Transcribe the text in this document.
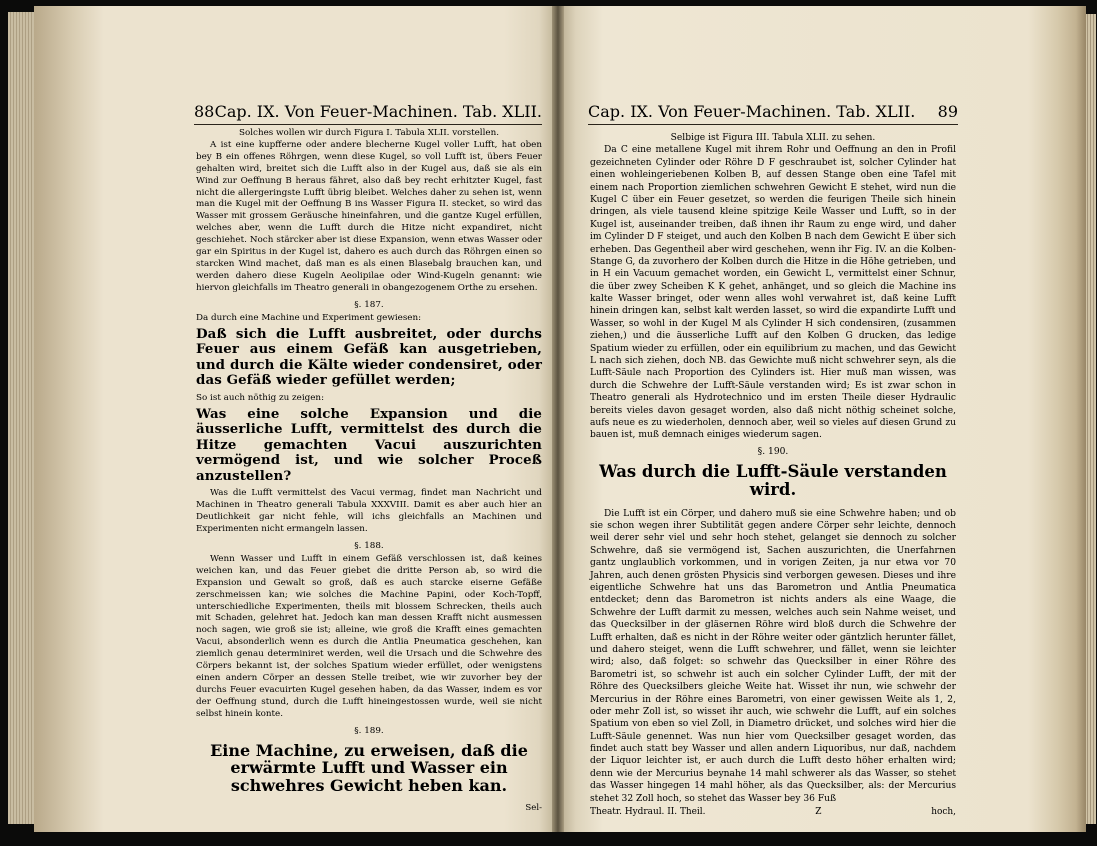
88 Cap. IX. Von Feuer-Machinen. Tab. XLII.

Solches wollen wir durch Figura I. Tabula XLII. vorstellen.

A ist eine kupfferne oder andere blecherne Kugel voller Lufft, hat oben bey B ein offenes Röhrgen, wenn diese Kugel, so voll Lufft ist, übers Feuer gehalten wird, breitet sich die Lufft also in der Kugel aus, daß sie als ein Wind zur Oeffnung B heraus fähret, also daß bey recht erhitzter Kugel, fast nicht die allergeringste Lufft übrig bleibet. Welches daher zu sehen ist, wenn man die Kugel mit der Oeffnung B ins Wasser Figura II. stecket, so wird das Wasser mit grossem Geräusche hineinfahren, und die gantze Kugel erfüllen, welches aber, wenn die Lufft durch die Hitze nicht expandiret, nicht geschiehet. Noch stärcker aber ist diese Expansion, wenn etwas Wasser oder gar ein Spiritus in der Kugel ist, dahero es auch durch das Röhrgen einen so starcken Wind machet, daß man es als einen Blasebalg brauchen kan, und werden dahero diese Kugeln Aeolipilae oder Wind-Kugeln genannt: wie hiervon gleichfalls im Theatro generali in obangezogenem Orthe zu ersehen.

§. 187.

Da durch eine Machine und Experiment gewiesen:

Daß sich die Lufft ausbreitet, oder durchs Feuer aus einem Gefäß kan ausgetrieben, und durch die Kälte wieder condensiret, oder das Gefäß wieder gefüllet werden;

So ist auch nöthig zu zeigen:

Was eine solche Expansion und die äusserliche Lufft, vermittelst des durch die Hitze gemachten Vacui auszurichten vermögend ist, und wie solcher Proceß anzustellen?

Was die Lufft vermittelst des Vacui vermag, findet man Nachricht und Machinen in Theatro generali Tabula XXXVIII. Damit es aber auch hier an Deutlichkeit gar nicht fehle, will ichs gleichfalls an Machinen und Experimenten nicht ermangeln lassen.

§. 188.

Wenn Wasser und Lufft in einem Gefäß verschlossen ist, daß keines weichen kan, und das Feuer giebet die dritte Person ab, so wird die Expansion und Gewalt so groß, daß es auch starcke eiserne Gefäße zerschmeissen kan; wie solches die Machine Papini, oder Koch-Topff, unterschiedliche Experimenten, theils mit blossem Schrecken, theils auch mit Schaden, gelehret hat. Jedoch kan man dessen Krafft nicht ausmessen noch sagen, wie groß sie ist; alleine, wie groß die Krafft eines gemachten Vacui, absonderlich wenn es durch die Antlia Pneumatica geschehen, kan ziemlich genau determiniret werden, weil die Ursach und die Schwehre des Cörpers bekannt ist, der solches Spatium wieder erfüllet, oder wenigstens einen andern Cörper an dessen Stelle treibet, wie wir zuvorher bey der durchs Feuer evacuirten Kugel gesehen haben, da das Wasser, indem es vor der Oeffnung stund, durch die Lufft hineingestossen wurde, weil sie nicht selbst hinein konte.

§. 189.
Eine Machine, zu erweisen, daß die erwärmte Lufft und Wasser ein schwehres Gewicht heben kan.
Sel-
Cap. IX. Von Feuer-Machinen. Tab. XLII. 89

Selbige ist Figura III. Tabula XLII. zu sehen.

Da C eine metallene Kugel mit ihrem Rohr und Oeffnung an den in Profil gezeichneten Cylinder oder Röhre D F geschraubet ist, solcher Cylinder hat einen wohleingeriebenen Kolben B, auf dessen Stange oben eine Tafel mit einem nach Proportion ziemlichen schwehren Gewicht E stehet, wird nun die Kugel C über ein Feuer gesetzet, so werden die feurigen Theile sich hinein dringen, als viele tausend kleine spitzige Keile Wasser und Lufft, so in der Kugel ist, auseinander treiben, daß ihnen ihr Raum zu enge wird, und daher im Cylinder D F steiget, und auch den Kolben B nach dem Gewicht E über sich erheben. Das Gegentheil aber wird geschehen, wenn ihr Fig. IV. an die Kolben-Stange G, da zuvorhero der Kolben durch die Hitze in die Höhe getrieben, und in H ein Vacuum gemachet worden, ein Gewicht L, vermittelst einer Schnur, die über zwey Scheiben K K gehet, anhänget, und so gleich die Machine ins kalte Wasser bringet, oder wenn alles wohl verwahret ist, daß keine Lufft hinein dringen kan, selbst kalt werden lasset, so wird die expandirte Lufft und Wasser, so wohl in der Kugel M als Cylinder H sich condensiren, (zusammen ziehen,) und die äusserliche Lufft auf den Kolben G drucken, das ledige Spatium wieder zu erfüllen, oder ein equilibrium zu machen, und das Gewicht L nach sich ziehen, doch NB. das Gewichte muß nicht schwehrer seyn, als die Lufft-Säule nach Proportion des Cylinders ist. Hier muß man wissen, was durch die Schwehre der Lufft-Säule verstanden wird; Es ist zwar schon in Theatro generali als Hydrotechnico und im ersten Theile dieser Hydraulic bereits vieles davon gesaget worden, also daß nicht nöthig scheinet solche, aufs neue es zu wiederholen, dennoch aber, weil so vieles auf diesen Grund zu bauen ist, muß demnach einiges wiederum sagen.

§. 190.
Was durch die Lufft-Säule verstanden wird.

Die Lufft ist ein Cörper, und dahero muß sie eine Schwehre haben; und ob sie schon wegen ihrer Subtilität gegen andere Cörper sehr leichte, dennoch weil derer sehr viel und sehr hoch stehet, gelanget sie dennoch zu solcher Schwehre, daß sie vermögend ist, Sachen auszurichten, die Unerfahrnen gantz unglaublich vorkommen, und in vorigen Zeiten, ja nur etwa vor 70 Jahren, auch denen grösten Physicis sind verborgen gewesen. Dieses und ihre eigentliche Schwehre hat uns das Barometron und Antlia Pneumatica entdecket; denn das Barometron ist nichts anders als eine Waage, die Schwehre der Lufft darmit zu messen, welches auch sein Nahme weiset, und das Quecksilber in der gläsernen Röhre wird bloß durch die Schwehre der Lufft erhalten, daß es nicht in der Röhre weiter oder gäntzlich herunter fället, und dahero steiget, wenn die Lufft schwehrer, und fället, wenn sie leichter wird; also, daß folget: so schwehr das Quecksilber in einer Röhre des Barometri ist, so schwehr ist auch ein solcher Cylinder Lufft, der mit der Röhre des Quecksilbers gleiche Weite hat. Wisset ihr nun, wie schwehr der Mercurius in der Röhre eines Barometri, von einer gewissen Weite als 1, 2, oder mehr Zoll ist, so wisset ihr auch, wie schwehr die Lufft, auf ein solches Spatium von eben so viel Zoll, in Diametro drücket, und solches wird hier die Lufft-Säule genennet. Was nun hier vom Quecksilber gesaget worden, das findet auch statt bey Wasser und allen andern Liquoribus, nur daß, nachdem der Liquor leichter ist, er auch durch die Lufft desto höher erhalten wird; denn wie der Mercurius beynahe 14 mahl schwerer als das Wasser, so stehet das Wasser hingegen 14 mahl höher, als das Quecksilber, als: der Mercurius stehet 32 Zoll hoch, so stehet das Wasser bey 36 Fuß

Theatr. Hydraul. II. Theil.	Z	hoch,
